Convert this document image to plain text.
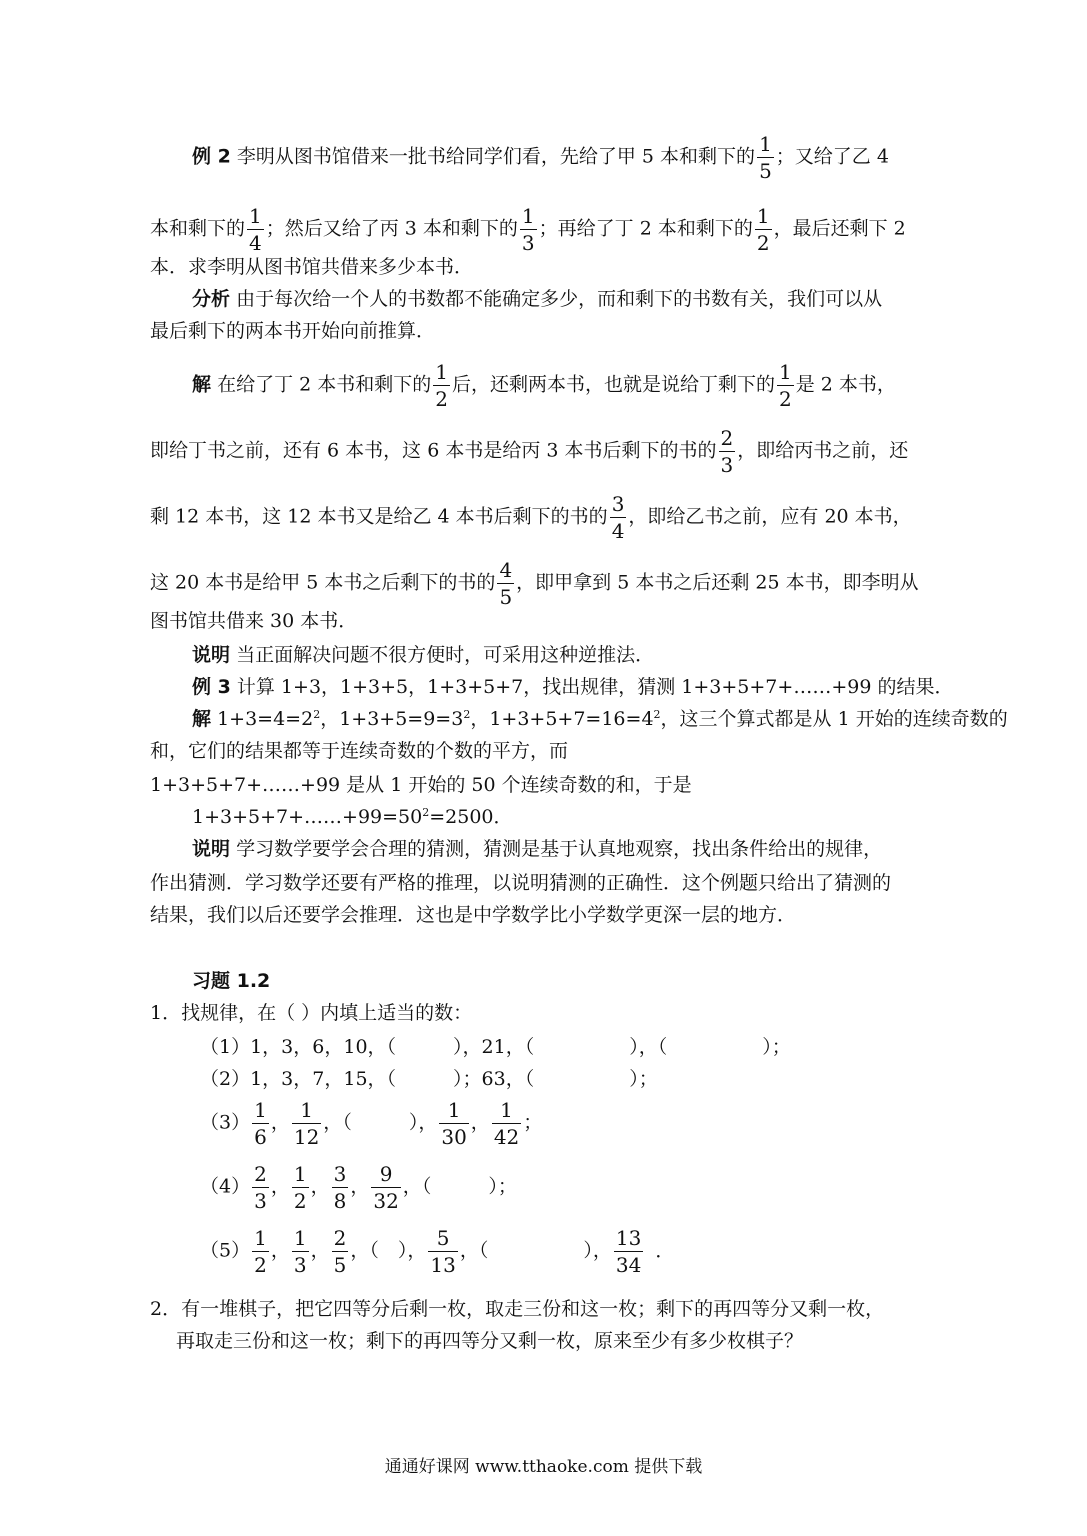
例 2 李明从图书馆借来一批书给同学们看，先给了甲 5 本和剩下的 $\frac{1}{5}$ ；又给了乙 4
本和剩下的 $\frac{1}{4}$ ；然后又给了丙 3 本和剩下的 $\frac{1}{3}$ ；再给了丁 2 本和剩下的 $\frac{1}{2}$ ，最后还剩下 2
本．求李明从图书馆共借来多少本书．
分析 由于每次给一个人的书数都不能确定多少，而和剩下的书数有关，我们可以从
最后剩下的两本书开始向前推算．
解 在给了丁 2 本书和剩下的 $\frac{1}{2}$ 后，还剩两本书，也就是说给丁剩下的 $\frac{1}{2}$ 是 2 本书，
即给丁书之前，还有 6 本书，这 6 本书是给丙 3 本书后剩下的书的 $\frac{2}{3}$ ，即给丙书之前，还
剩 12 本书，这 12 本书又是给乙 4 本书后剩下的书的 $\frac{3}{4}$ ，即给乙书之前，应有 20 本书，
这 20 本书是给甲 5 本书之后剩下的书的 $\frac{4}{5}$ ，即甲拿到 5 本书之后还剩 25 本书，即李明从
图书馆共借来 30 本书．
说明 当正面解决问题不很方便时，可采用这种逆推法．
例 3 计算 1+3，1+3+5，1+3+5+7，找出规律，猜测 1+3+5+7+……+99 的结果．
解 $1+3=4=2^2$，$1+3+5=9=3^2$，$1+3+5+7=16=4^2$，这三个算式都是从 1 开始的连续奇数的
和，它们的结果都等于连续奇数的个数的平方，而
1+3+5+7+……+99 是从 1 开始的 50 个连续奇数的和，于是
$1+3+5+7+\dots\dots+99=50^2=2500$．
说明 学习数学要学会合理的猜测，猜测是基于认真地观察，找出条件给出的规律，
作出猜测．学习数学还要有严格的推理，以说明猜测的正确性．这个例题只给出了猜测的
结果，我们以后还要学会推理．这也是中学数学比小学数学更深一层的地方．
习题 1.2
1．找规律，在（ ）内填上适当的数：
（1）1，3，6，10，（　　　），21，（　　　　　），（　　　　　）；
（2）1，3，7，15，（　　　）；63，（　　　　　）；
$(3) \frac{1}{6}$ ， $\frac{1}{12}$ ，（　　　）， $\frac{1}{30}$ ， $\frac{1}{42}$ ；
$(4) \frac{2}{3}$ ， $\frac{1}{2}$ ， $\frac{3}{8}$ ， $\frac{9}{32}$ ，（　　　）；
$(5) \frac{1}{2}$ ， $\frac{1}{3}$ ， $\frac{2}{5}$ ，（　）， $\frac{5}{13}$ ，（　　　　　）， $\frac{13}{34}$ ．
2．有一堆棋子，把它四等分后剩一枚，取走三份和这一枚；剩下的再四等分又剩一枚，
再取走三份和这一枚；剩下的再四等分又剩一枚，原来至少有多少枚棋子？
通通好课网 www.tthaoke.com 提供下载
